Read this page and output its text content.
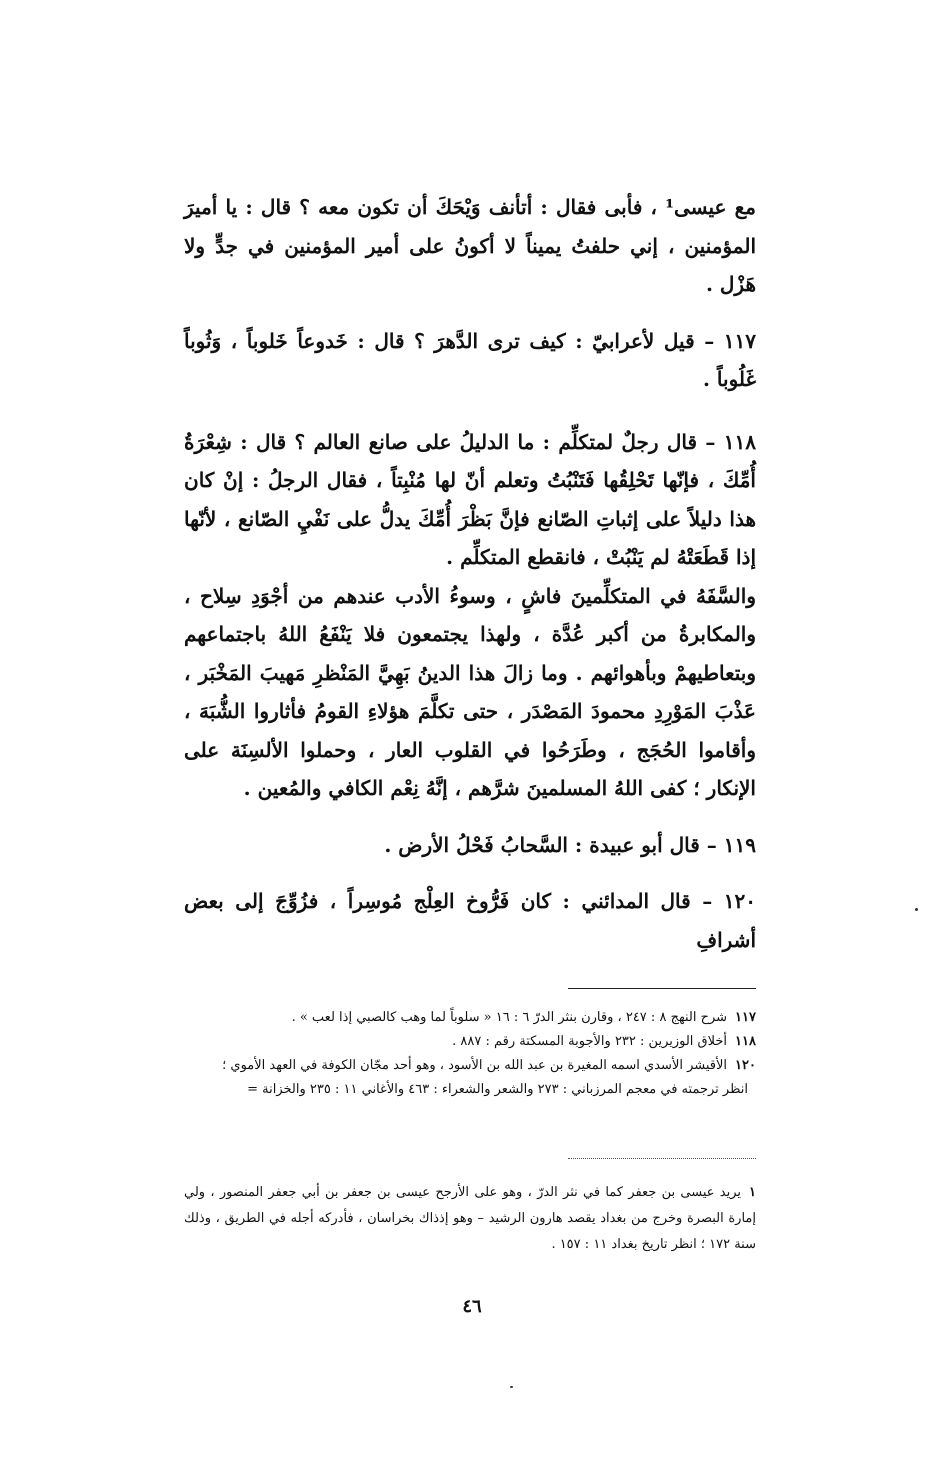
مع عيسى¹ ، فأبى فقال : أتأنف وَيْحَكَ أن تكون معه ؟ قال : يا أميرَ المؤمنين ، إني حلفتُ يميناً لا أكونُ على أمير المؤمنين في جدٍّ ولا هَزْل .

١١٧ – قيل لأعرابيّ : كيف ترى الدَّهرَ ؟ قال : خَدوعاً خَلوباً ، وَثُوباً غَلُوباً .

١١٨ – قال رجلٌ لمتكلِّم : ما الدليلُ على صانع العالم ؟ قال : شِعْرَةُ أُمِّكَ ، فإنّها تَحْلِقُها فَتَنْبُتُ وتعلم أنّ لها مُنْبِتاً ، فقال الرجلُ : إنْ كان هذا دليلاً على إثباتِ الصّانع فإنَّ بَظْرَ أُمِّكَ يدلُّ على نَفْيِ الصّانع ، لأنّها إذا قَطَعَتْهُ لم يَنْبُتْ ، فانقطع المتكلِّم .

والسَّفَهُ في المتكلِّمينَ فاشٍ ، وسوءُ الأدب عندهم من أجْوَدِ سِلاح ، والمكابرةُ من أكبر عُدَّة ، ولهذا يجتمعون فلا يَنْفَعُ اللهُ باجتماعهم وبتعاطيهمْ وبأهوائهم . وما زالَ هذا الدينُ بَهِيَّ المَنْظرِ مَهيبَ المَخْبَر ، عَذْبَ المَوْرِدِ محمودَ المَصْدَر ، حتى تكلَّمَ هؤلاءِ القومُ فأثاروا الشُّبَهَ ، وأقاموا الحُجَج ، وطَرَحُوا في القلوب العار ، وحملوا الألسِنَة على الإنكار ؛ كفى اللهُ المسلمينَ شرَّهم ، إنَّهُ نِعْم الكافي والمُعين .

١١٩ – قال أبو عبيدة : السَّحابُ فَحْلُ الأرض .

١٢٠ – قال المدائني : كان فَرُّوخ العِلْج مُوسِراً ، فزُوِّجَ إلى بعض أشرافِ

١١٧شرح النهج ٨ : ٢٤٧ ، وقارن بنثر الدرّ ٦ : ١٦ « سلوباً لما وهب كالصبي إذا لعب » .

١١٨أخلاق الوزيرين : ٢٣٢ والأجوبة المسكتة رقم : ٨٨٧ .

١٢٠الأقيشر الأسدي اسمه المغيرة بن عبد الله بن الأسود ، وهو أحد مجّان الكوفة في العهد الأموي ؛

انظر ترجمته في معجم المرزباني : ٢٧٣ والشعر والشعراء : ٤٦٣ والأغاني ١١ : ٢٣٥ والخزانة =

١يريد عيسى بن جعفر كما في نثر الدرّ ، وهو على الأرجح عيسى بن جعفر بن أبي جعفر المنصور ، ولي إمارة البصرة وخرج من بغداد يقصد هارون الرشيد – وهو إذذاك بخراسان ، فأدركه أجله في الطريق ، وذلك سنة ١٧٢ ؛ انظر تاريخ بغداد ١١ : ١٥٧ .
٤٦
